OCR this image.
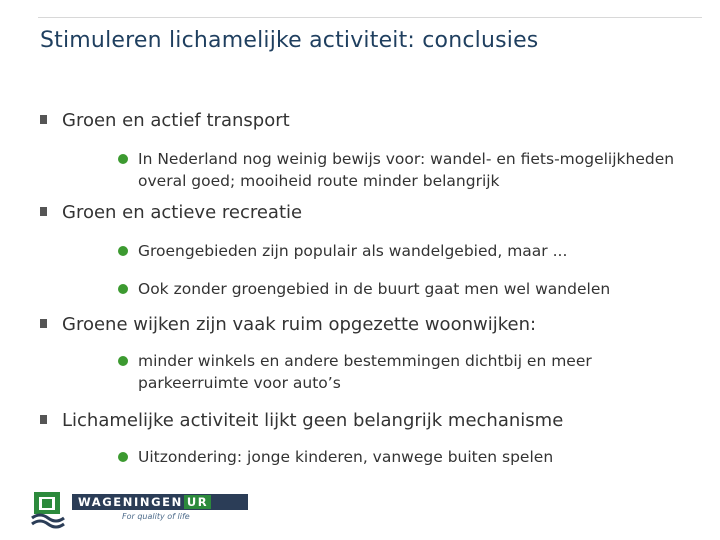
Stimuleren lichamelijke activiteit: conclusies
Groen en actief transport
In Nederland nog weinig bewijs voor: wandel- en fiets-mogelijkheden overal goed; mooiheid route minder belangrijk
Groen en actieve recreatie
Groengebieden zijn populair als wandelgebied, maar ...
Ook zonder groengebied in de buurt gaat men wel wandelen
Groene wijken zijn vaak ruim opgezette woonwijken:
minder winkels en andere bestemmingen dichtbij en meer parkeerruimte voor auto’s
Lichamelijke activiteit lijkt geen belangrijk mechanisme
Uitzondering: jonge kinderen, vanwege buiten spelen
WAGENINGEN UR
For quality of life
